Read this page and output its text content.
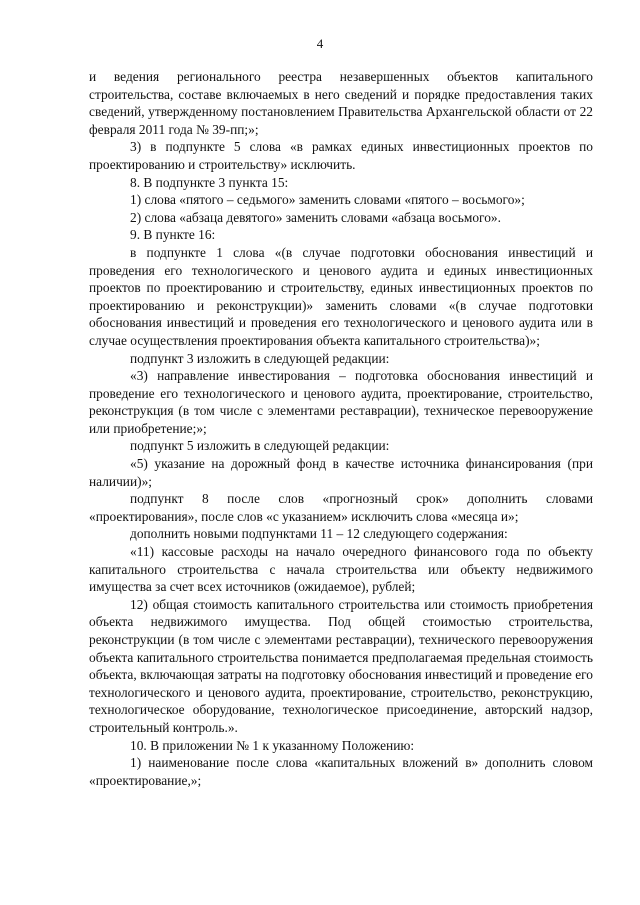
4

и ведения регионального реестра незавершенных объектов капитального строительства, составе включаемых в него сведений и порядке предоставления таких сведений, утвержденному постановлением Правительства Архангельской области от 22 февраля 2011 года № 39-пп;»;

3) в подпункте 5 слова «в рамках единых инвестиционных проектов по проектированию и строительству» исключить.

8. В подпункте 3 пункта 15:

1) слова «пятого – седьмого» заменить словами «пятого – восьмого»;

2) слова «абзаца девятого» заменить словами «абзаца восьмого».

9. В пункте 16:

в подпункте 1 слова «(в случае подготовки обоснования инвестиций и проведения его технологического и ценового аудита и единых инвестиционных проектов по проектированию и строительству, единых инвестиционных проектов по проектированию и реконструкции)» заменить словами «(в случае подготовки обоснования инвестиций и проведения его технологического и ценового аудита или в случае осуществления проектирования объекта капитального строительства)»;

подпункт 3 изложить в следующей редакции:

«3) направление инвестирования – подготовка обоснования инвестиций и проведение его технологического и ценового аудита, проектирование, строительство, реконструкция (в том числе с элементами реставрации), техническое перевооружение или приобретение;»;

подпункт 5 изложить в следующей редакции:

«5) указание на дорожный фонд в качестве источника финансирования (при наличии)»;

подпункт 8 после слов «прогнозный срок» дополнить словами «проектирования», после слов «с указанием» исключить слова «месяца и»;

дополнить новыми подпунктами 11 – 12 следующего содержания:

«11) кассовые расходы на начало очередного финансового года по объекту капитального строительства с начала строительства или объекту недвижимого имущества за счет всех источников (ожидаемое), рублей;

12) общая стоимость капитального строительства или стоимость приобретения объекта недвижимого имущества. Под общей стоимостью строительства, реконструкции (в том числе с элементами реставрации), технического перевооружения объекта капитального строительства понимается предполагаемая предельная стоимость объекта, включающая затраты на подготовку обоснования инвестиций и проведение его технологического и ценового аудита, проектирование, строительство, реконструкцию, технологическое оборудование, технологическое присоединение, авторский надзор, строительный контроль.».

10. В приложении № 1 к указанному Положению:

1) наименование после слова «капитальных вложений в» дополнить словом «проектирование,»;
